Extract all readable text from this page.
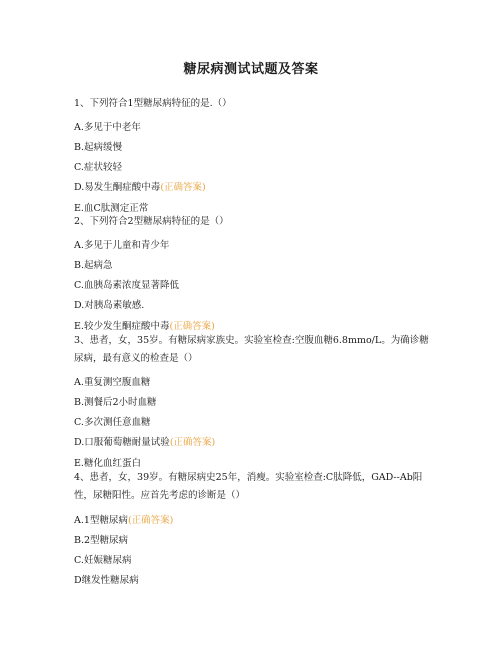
糖尿病测试试题及答案
1、下列符合1型糖尿病特征的是.（）
A.多见于中老年
B.起病缓慢
C.症状较轻
D.易发生酮症酸中毒(正确答案)
E.血C肽测定正常
2、下列符合2型糖尿病特征的是（）
A.多见于儿童和青少年
B.起病急
C.血胰岛素浓度显著降低
D.对胰岛素敏感.
E.较少发生酮症酸中毒(正确答案)
3、患者，女，35岁。有糖尿病家族史。实验室检查:空腹血糖6.8mmo/L。为确诊糖尿病，最有意义的检查是（）
A.重复测空腹血糖
B.测餐后2小时血糖
C.多次测任意血糖
D.口服葡萄糖耐量试验(正确答案)
E.糖化血红蛋白
4、患者，女，39岁。有糖尿病史25年，消瘦。实验室检查:C肽降低，GAD--Ab阳性，尿糖阳性。应首先考虑的诊断是（）
A.1型糖尿病(正确答案)
B.2型糖尿病
C.妊娠糖尿病
D继发性糖尿病
